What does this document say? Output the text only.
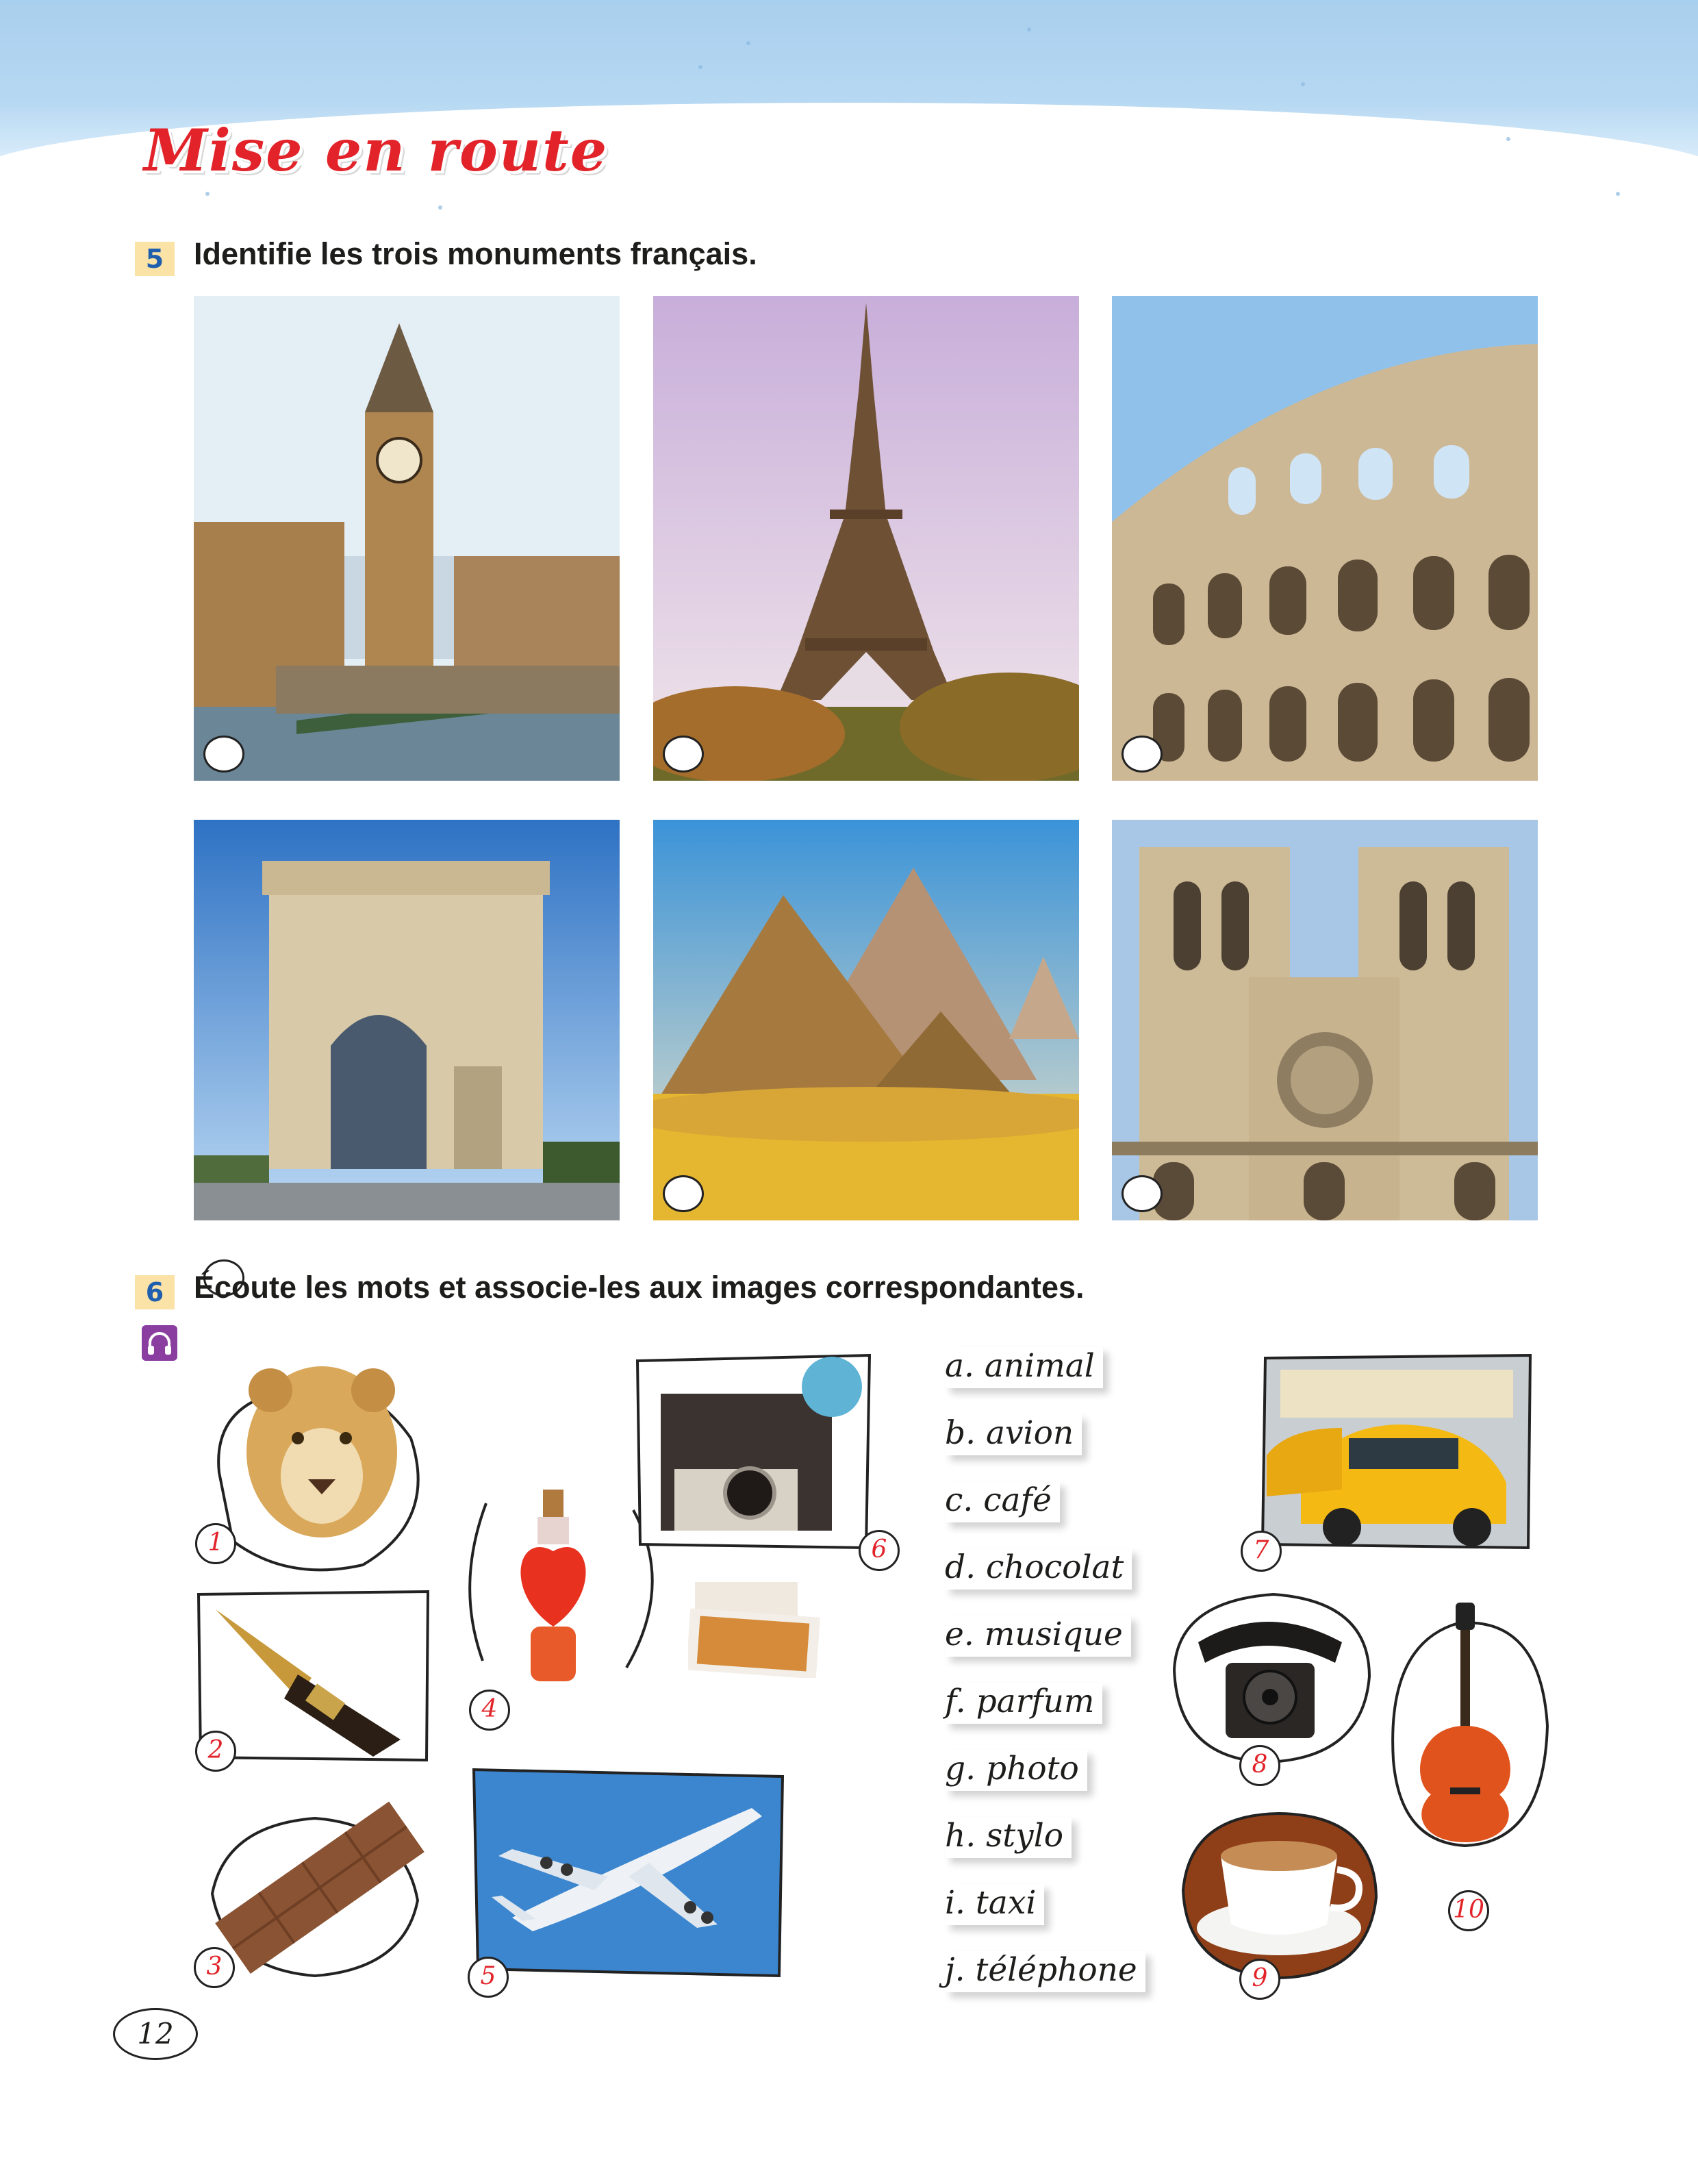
Mise en route
5 Identifie les trois monuments français.

6 Écoute les mots et associe-les aux images correspondantes.

1
2
3
4
5
6	7
8
9
10

a. animal

b. avion

c. café

d. chocolat

e. musique

f. parfum

g. photo

h. stylo

i. taxi

j. téléphone

12
